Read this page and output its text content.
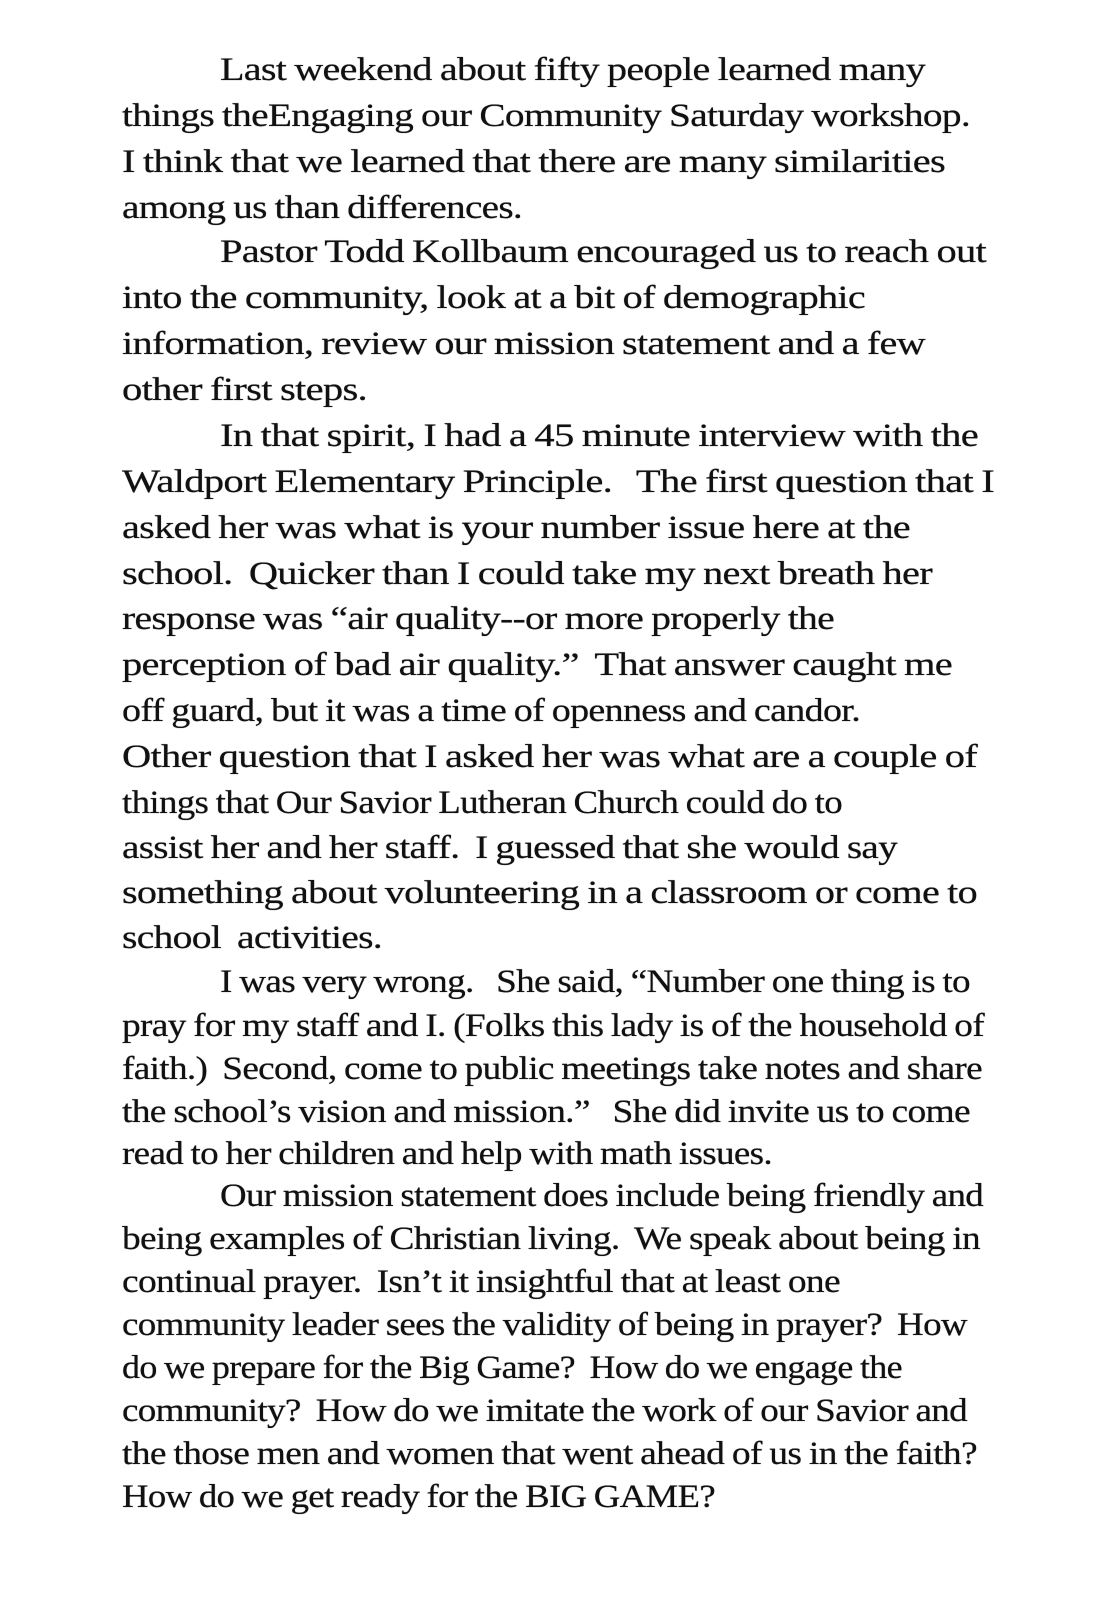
Last weekend about fifty people learned many
things theEngaging our Community Saturday workshop.
I think that we learned that there are many similarities
among us than differences.
Pastor Todd Kollbaum encouraged us to reach out
into the community, look at a bit of demographic
information, review our mission statement and a few
other first steps.
In that spirit, I had a 45 minute interview with the
Waldport Elementary Principle.   The first question that I
asked her was what is your number issue here at the
school.  Quicker than I could take my next breath her
response was “air quality--or more properly the
perception of bad air quality.”  That answer caught me
off guard, but it was a time of openness and candor.
Other question that I asked her was what are a couple of
things that Our Savior Lutheran Church could do to
assist her and her staff.  I guessed that she would say
something about volunteering in a classroom or come to
school  activities.
I was very wrong.   She said, “Number one thing is to
pray for my staff and I. (Folks this lady is of the household of
faith.)  Second, come to public meetings take notes and share
the school’s vision and mission.”   She did invite us to come
read to her children and help with math issues.
Our mission statement does include being friendly and
being examples of Christian living.  We speak about being in
continual prayer.  Isn’t it insightful that at least one
community leader sees the validity of being in prayer?  How
do we prepare for the Big Game?  How do we engage the
community?  How do we imitate the work of our Savior and
the those men and women that went ahead of us in the faith?
How do we get ready for the BIG GAME?
